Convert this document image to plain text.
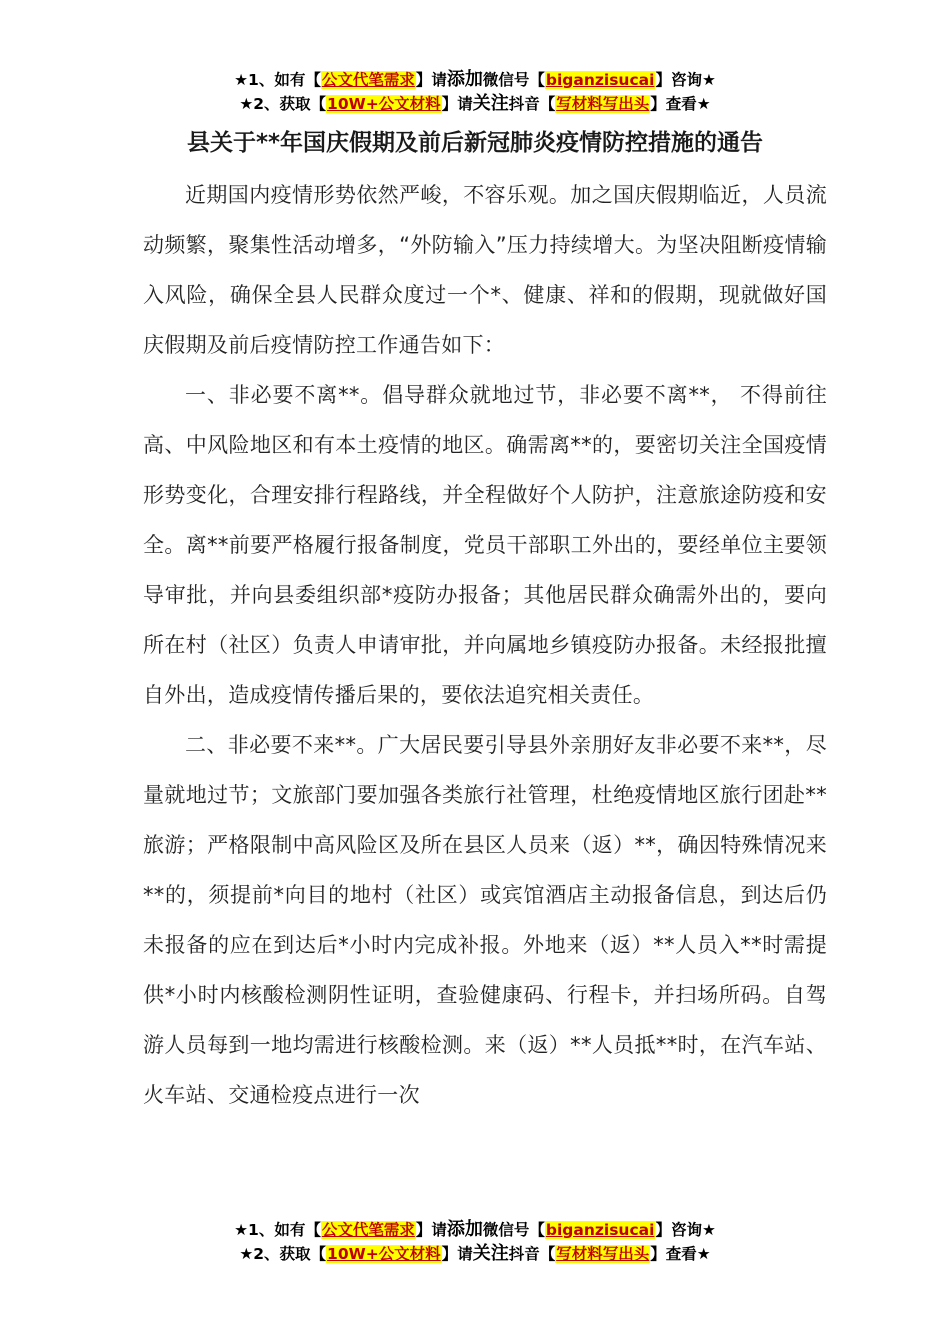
★1、如有【公文代笔需求】请添加微信号【biganzisucai】咨询★
★2、获取【10W+公文材料】请关注抖音【写材料写出头】查看★
县关于**年国庆假期及前后新冠肺炎疫情防控措施的通告

近期国内疫情形势依然严峻，不容乐观。加之国庆假期临近，人员流动频繁，聚集性活动增多，“外防输入”压力持续增大。为坚决阻断疫情输入风险，确保全县人民群众度过一个*、健康、祥和的假期，现就做好国庆假期及前后疫情防控工作通告如下：

一、非必要不离**。倡导群众就地过节，非必要不离**， 不得前往高、中风险地区和有本土疫情的地区。确需离**的，要密切关注全国疫情形势变化，合理安排行程路线，并全程做好个人防护，注意旅途防疫和安全。离**前要严格履行报备制度，党员干部职工外出的，要经单位主要领导审批，并向县委组织部*疫防办报备；其他居民群众确需外出的，要向所在村（社区）负责人申请审批，并向属地乡镇疫防办报备。未经报批擅自外出，造成疫情传播后果的，要依法追究相关责任。

二、非必要不来**。广大居民要引导县外亲朋好友非必要不来**，尽量就地过节；文旅部门要加强各类旅行社管理，杜绝疫情地区旅行团赴**旅游；严格限制中高风险区及所在县区人员来（返）**，确因特殊情况来**的，须提前*向目的地村（社区）或宾馆酒店主动报备信息，到达后仍未报备的应在到达后*小时内完成补报。外地来（返）**人员入**时需提供*小时内核酸检测阴性证明，查验健康码、行程卡，并扫场所码。自驾游人员每到一地均需进行核酸检测。来（返）**人员抵**时，在汽车站、火车站、交通检疫点进行一次

★1、如有【公文代笔需求】请添加微信号【biganzisucai】咨询★
★2、获取【10W+公文材料】请关注抖音【写材料写出头】查看★
